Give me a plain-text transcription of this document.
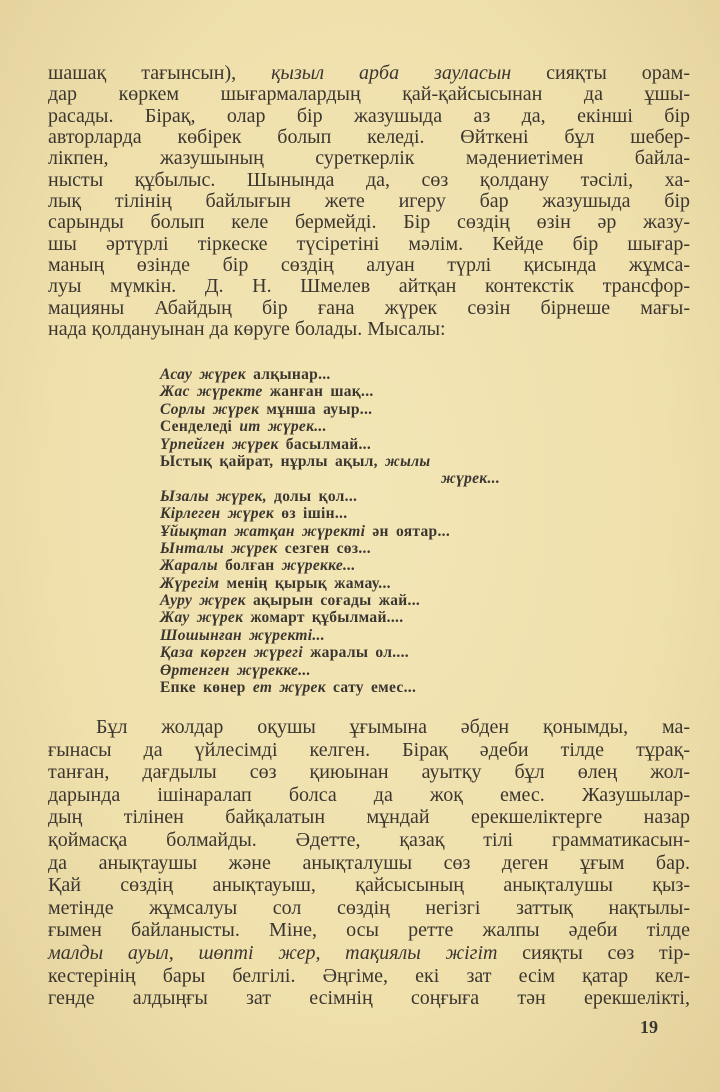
шашақ тағынсын), қызыл арба зауласын сияқты орам-
дар көркем шығармалардың қай-қайсысынан да ұшы-
расады. Бірақ, олар бір жазушыда аз да, екінші бір
авторларда көбірек болып келеді. Өйткені бұл шебер-
лікпен, жазушының суреткерлік мәдениетімен байла-
нысты құбылыс. Шынында да, сөз қолдану тәсілі, ха-
лық тілінің байлығын жете игеру бар жазушыда бір
сарынды болып келе бермейді. Бір сөздің өзін әр жазу-
шы әртүрлі тіркеске түсіретіні мәлім. Кейде бір шығар-
маның өзінде бір сөздің алуан түрлі қисында жұмса-
луы мүмкін. Д. Н. Шмелев айтқан контекстік трансфор-
мацияны Абайдың бір ғана жүрек сөзін бірнеше мағы-
нада қолдануынан да көруге болады. Мысалы:
Асау жүрек алқынар...
Жас жүректе жанған шақ...
Сорлы жүрек мұнша ауыр...
Сенделеді ит жүрек...
Үрпейген жүрек басылмай...
Ыстық қайрат, нұрлы ақыл, жылы
жүрек...
Ызалы жүрек, долы қол...
Кірлеген жүрек өз ішін...
Ұйықтап жатқан жүректі ән оятар...
Ынталы жүрек сезген сөз...
Жаралы болған жүрекке...
Жүрегім менің қырық жамау...
Ауру жүрек ақырын соғады жай...
Жау жүрек жомарт құбылмай....
Шошынған жүректі...
Қаза көрген жүрегі жаралы ол....
Өртенген жүрекке...
Епке көнер ет жүрек сату емес...
Бұл жолдар оқушы ұғымына әбден қонымды, ма-
ғынасы да үйлесімді келген. Бірақ әдеби тілде тұрақ-
танған, дағдылы сөз қиюынан ауытқу бұл өлең жол-
дарында ішінаралап болса да жоқ емес. Жазушылар-
дың тілінен байқалатын мұндай ерекшеліктерге назар
қоймасқа болмайды. Әдетте, қазақ тілі грамматикасын-
да анықтаушы және анықталушы сөз деген ұғым бар.
Қай сөздің анықтауыш, қайсысының анықталушы қыз-
метінде жұмсалуы сол сөздің негізгі заттық нақтылы-
ғымен байланысты. Міне, осы ретте жалпы әдеби тілде
малды ауыл, шөпті жер, тақиялы жігіт сияқты сөз тір-
кестерінің бары белгілі. Әңгіме, екі зат есім қатар кел-
генде алдыңғы зат есімнің соңғыға тән ерекшелікті,
19
